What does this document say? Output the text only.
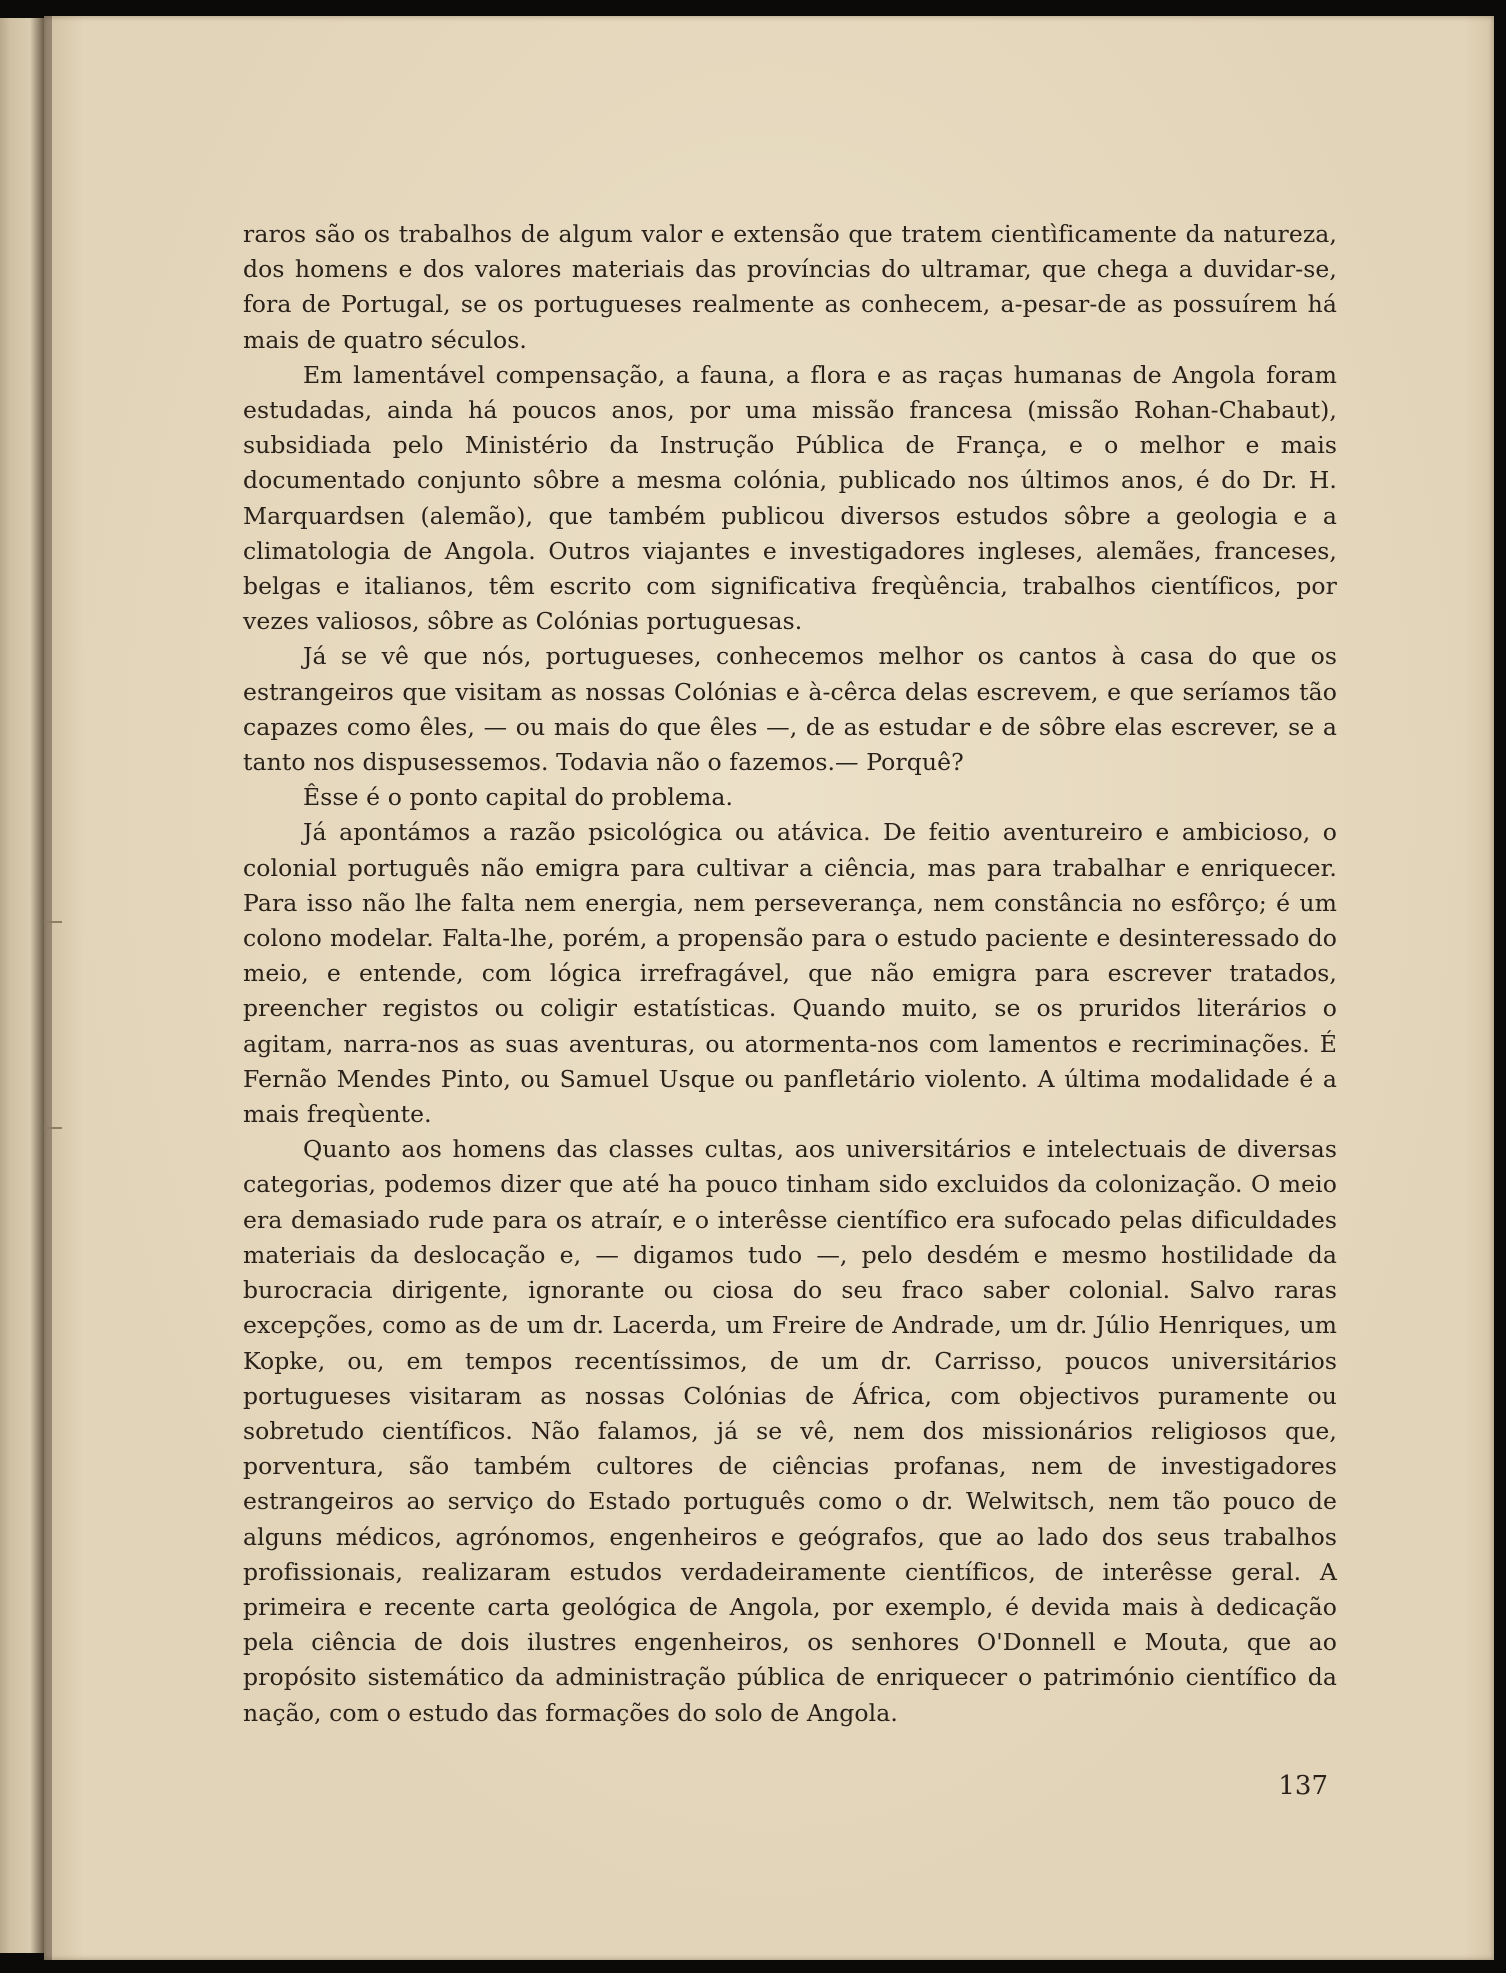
raros são os trabalhos de algum valor e extensão que tratem cientìficamente da natureza, dos homens e dos valores materiais das províncias do ultramar, que chega a duvidar-se, fora de Portugal, se os portugueses realmente as conhecem, a-pesar-de as possuírem há mais de quatro séculos.

Em lamentável compensação, a fauna, a flora e as raças humanas de Angola foram estudadas, ainda há poucos anos, por uma missão francesa (missão Rohan-Chabaut), subsidiada pelo Ministério da Instrução Pública de França, e o melhor e mais documentado conjunto sôbre a mesma colónia, publicado nos últimos anos, é do Dr. H. Marquardsen (alemão), que também publicou diversos estudos sôbre a geologia e a climatologia de Angola. Outros viajantes e investigadores ingleses, alemães, franceses, belgas e italianos, têm escrito com significativa freqùência, trabalhos científicos, por vezes valiosos, sôbre as Colónias portuguesas.

Já se vê que nós, portugueses, conhecemos melhor os cantos à casa do que os estrangeiros que visitam as nossas Colónias e à-cêrca delas escrevem, e que seríamos tão capazes como êles, — ou mais do que êles —, de as estudar e de sôbre elas escrever, se a tanto nos dispusessemos. Todavia não o fazemos.— Porquê?

Êsse é o ponto capital do problema.

Já apontámos a razão psicológica ou atávica. De feitio aventureiro e ambicioso, o colonial português não emigra para cultivar a ciência, mas para trabalhar e enriquecer. Para isso não lhe falta nem energia, nem perseverança, nem constância no esfôrço; é um colono modelar. Falta-lhe, porém, a propensão para o estudo paciente e desinteressado do meio, e entende, com lógica irrefragável, que não emigra para escrever tratados, preencher registos ou coligir estatísticas. Quando muito, se os pruridos literários o agitam, narra-nos as suas aventuras, ou atormenta-nos com lamentos e recriminações. É Fernão Mendes Pinto, ou Samuel Usque ou panfletário violento. A última modalidade é a mais freqùente.

Quanto aos homens das classes cultas, aos universitários e intelectuais de diversas categorias, podemos dizer que até ha pouco tinham sido excluidos da colonização. O meio era demasiado rude para os atraír, e o interêsse científico era sufocado pelas dificuldades materiais da deslocação e, — digamos tudo —, pelo desdém e mesmo hostilidade da burocracia dirigente, ignorante ou ciosa do seu fraco saber colonial. Salvo raras excepções, como as de um dr. Lacerda, um Freire de Andrade, um dr. Júlio Henriques, um Kopke, ou, em tempos recentíssimos, de um dr. Carrisso, poucos universitários portugueses visitaram as nossas Colónias de África, com objectivos puramente ou sobretudo científicos. Não falamos, já se vê, nem dos missionários religiosos que, porventura, são também cultores de ciências profanas, nem de investigadores estrangeiros ao serviço do Estado português como o dr. Welwitsch, nem tão pouco de alguns médicos, agrónomos, engenheiros e geógrafos, que ao lado dos seus trabalhos profissionais, realizaram estudos verdadeiramente científicos, de interêsse geral. A primeira e recente carta geológica de Angola, por exemplo, é devida mais à dedicação pela ciência de dois ilustres engenheiros, os senhores O'Donnell e Mouta, que ao propósito sistemático da administração pública de enriquecer o património científico da nação, com o estudo das formações do solo de Angola.

137
